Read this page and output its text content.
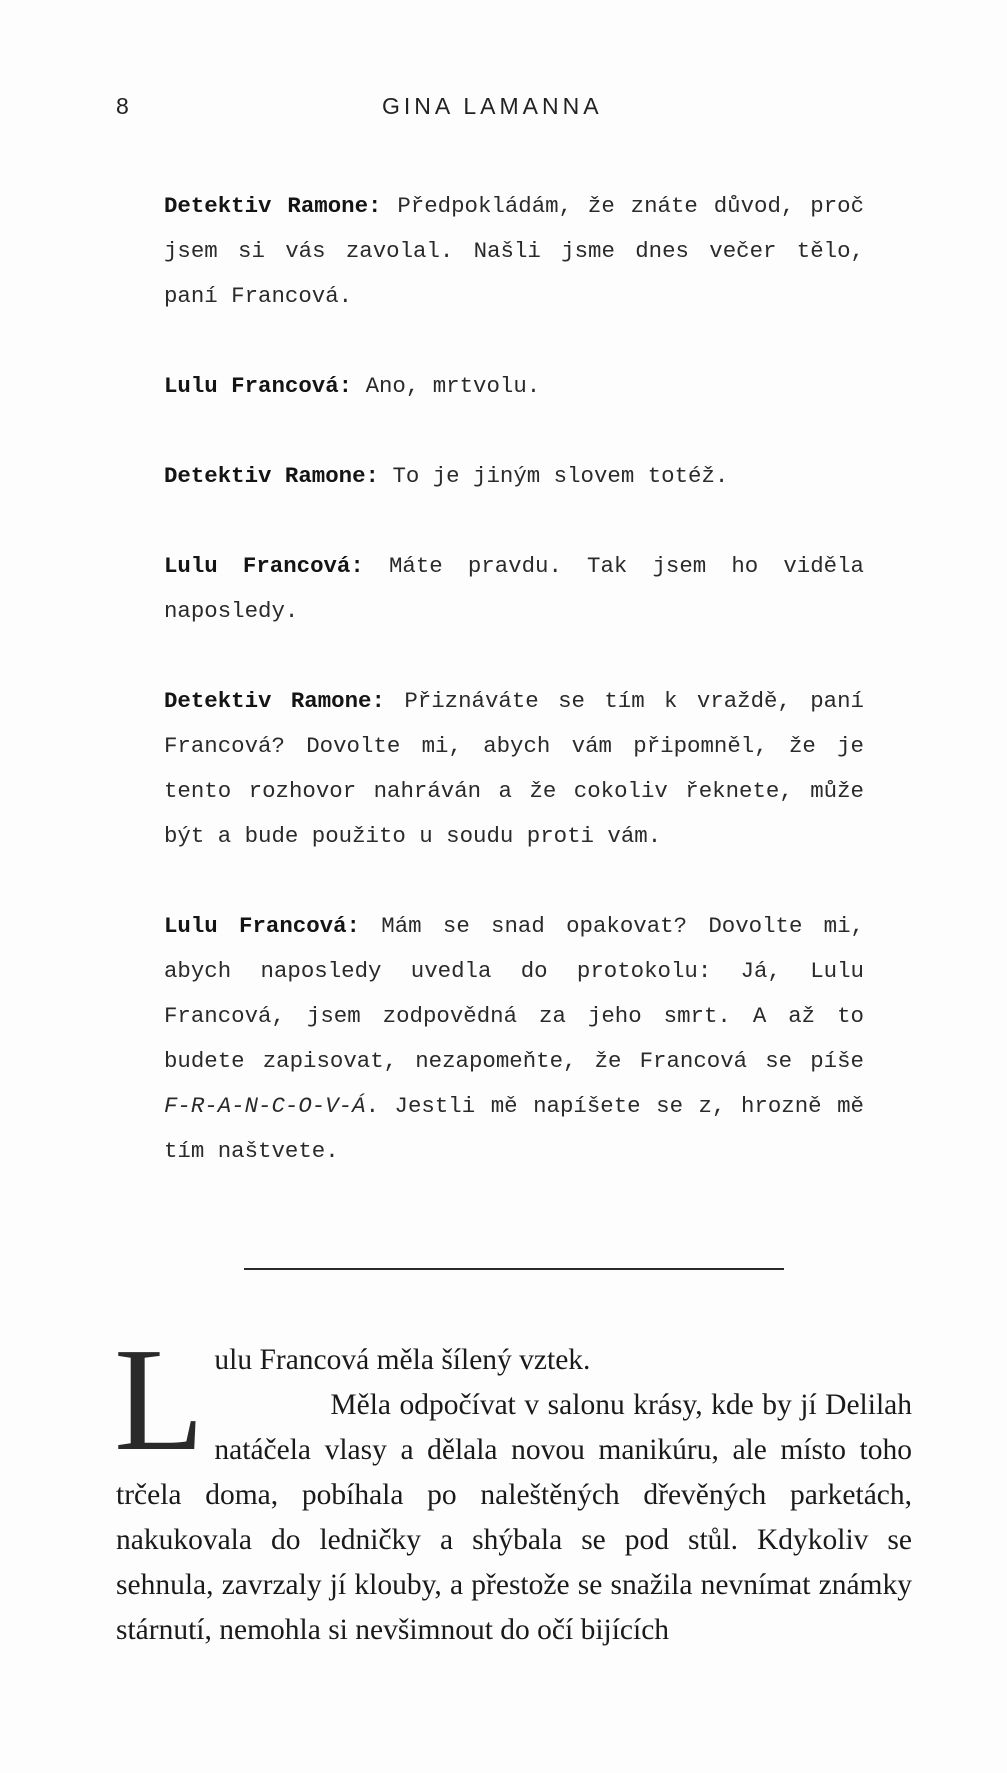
8	GINA LAMANNA

Detektiv Ramone: Předpokládám, že znáte důvod, proč jsem si vás zavolal. Našli jsme dnes večer tělo, paní Francová.

Lulu Francová: Ano, mrtvolu.

Detektiv Ramone: To je jiným slovem totéž.

Lulu Francová: Máte pravdu. Tak jsem ho viděla naposledy.

Detektiv Ramone: Přiznáváte se tím k vraždě, paní Francová? Dovolte mi, abych vám připomněl, že je tento rozhovor nahráván a že cokoliv řeknete, může být a bude použito u soudu proti vám.

Lulu Francová: Mám se snad opakovat? Dovolte mi, abych naposledy uvedla do protokolu: Já, Lulu Francová, jsem zodpovědná za jeho smrt. A až to budete zapisovat, nezapomeňte, že Francová se píše F-R-A-N-C-O-V-Á. Jestli mě napíšete se z, hrozně mě tím naštvete.

L ulu Francová měla šílený vztek.

Měla odpočívat v salonu krásy, kde by jí Delilah natáčela vlasy a dělala novou manikúru, ale místo toho trčela doma, pobíhala po naleštěných dřevěných parketách, nakukovala do ledničky a shýbala se pod stůl. Kdykoliv se sehnula, zavrzaly jí klouby, a přestože se snažila nevnímat známky stárnutí, nemohla si nevšimnout do očí bijících
